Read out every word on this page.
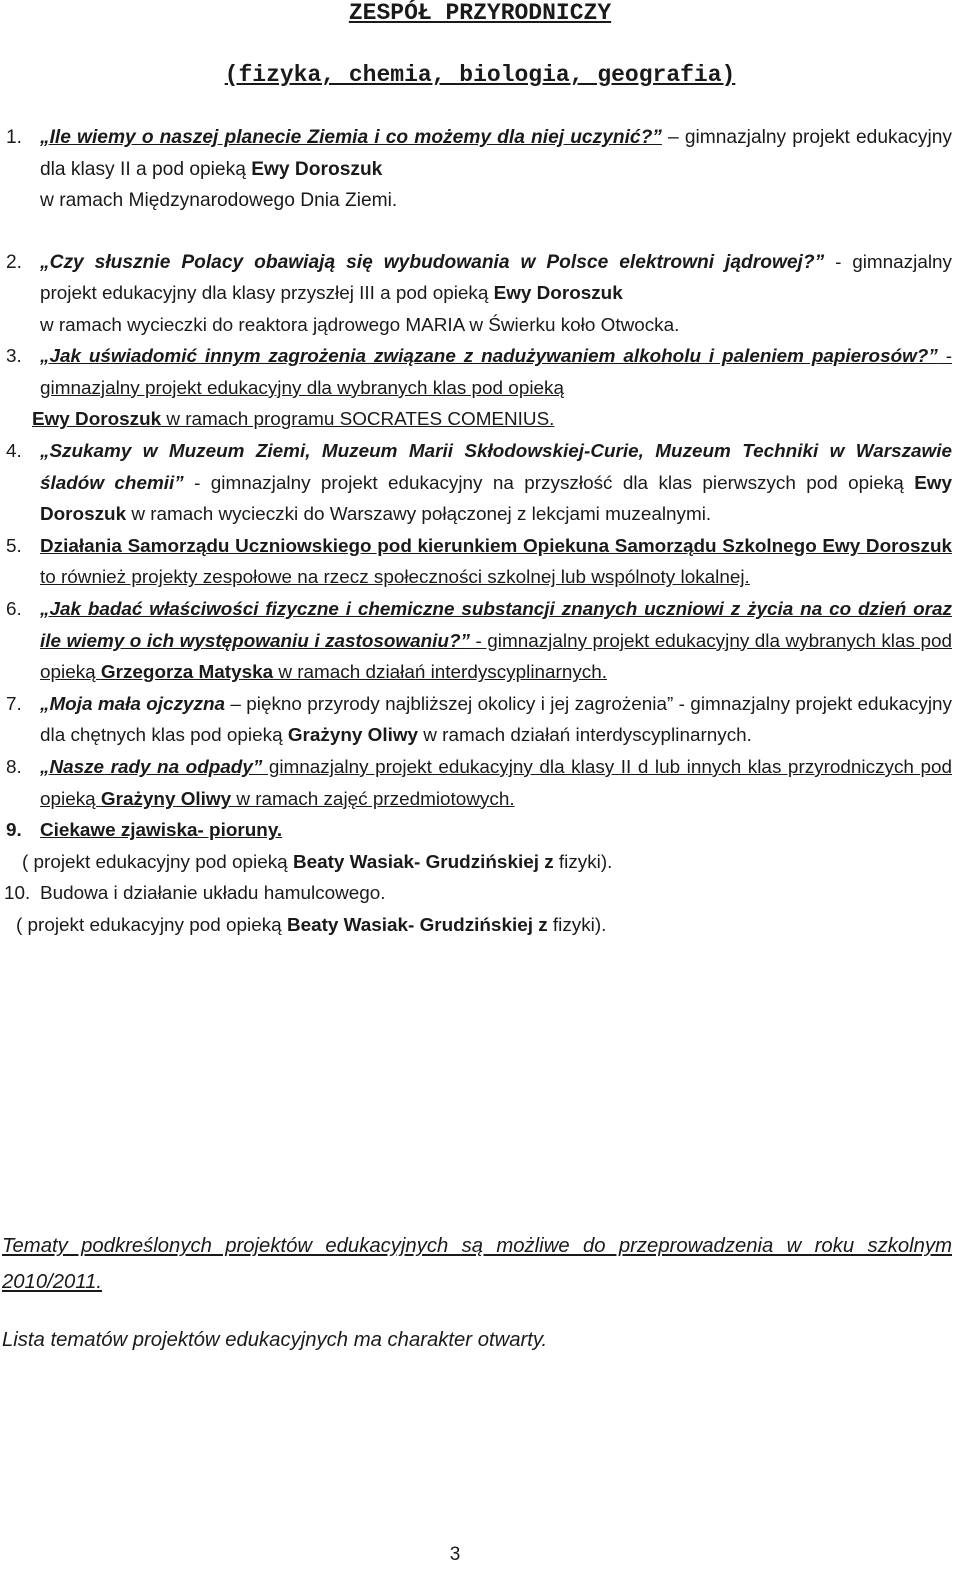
ZESPÓŁ PRZYRODNICZY
(fizyka, chemia, biologia, geografia)
1. „Ile wiemy o naszej planecie Ziemia i co możemy dla niej uczynić?” – gimnazjalny projekt edukacyjny dla klasy II a pod opieką Ewy Doroszuk
w ramach Międzynarodowego Dnia Ziemi.
2. „Czy słusznie Polacy obawiają się wybudowania w Polsce elektrowni jądrowej?” - gimnazjalny projekt edukacyjny dla klasy przyszłej III a pod opieką Ewy Doroszuk
w ramach wycieczki do reaktora jądrowego MARIA w Świerku koło Otwocka.
3. „Jak uświadomić innym zagrożenia związane z nadużywaniem alkoholu i paleniem papierosów?” - gimnazjalny projekt edukacyjny dla wybranych klas pod opieką
Ewy Doroszuk w ramach programu SOCRATES COMENIUS.
4. „Szukamy w Muzeum Ziemi, Muzeum Marii Skłodowskiej-Curie, Muzeum Techniki w Warszawie śladów chemii” - gimnazjalny projekt edukacyjny na przyszłość dla klas pierwszych pod opieką Ewy Doroszuk w ramach wycieczki do Warszawy połączonej z lekcjami muzealnymi.
5. Działania Samorządu Uczniowskiego pod kierunkiem Opiekuna Samorządu Szkolnego Ewy Doroszuk to również projekty zespołowe na rzecz społeczności szkolnej lub wspólnoty lokalnej.
6. „Jak badać właściwości fizyczne i chemiczne substancji znanych uczniowi z życia na co dzień oraz ile wiemy o ich występowaniu i zastosowaniu?” - gimnazjalny projekt edukacyjny dla wybranych klas pod opieką Grzegorza Matyska w ramach działań interdyscyplinarnych.
7. „Moja mała ojczyzna – piękno przyrody najbliższej okolicy i jej zagrożenia” - gimnazjalny projekt edukacyjny dla chętnych klas pod opieką Grażyny Oliwy w ramach działań interdyscyplinarnych.
8. „Nasze rady na odpady” gimnazjalny projekt edukacyjny dla klasy II d lub innych klas przyrodniczych pod opieką Grażyny Oliwy w ramach zajęć przedmiotowych.
9. Ciekawe zjawiska- pioruny.
( projekt edukacyjny pod opieką Beaty Wasiak- Grudzińskiej z fizyki).
10. Budowa i działanie układu hamulcowego.
( projekt edukacyjny pod opieką Beaty Wasiak- Grudzińskiej z fizyki).
Tematy podkreślonych projektów edukacyjnych są możliwe do przeprowadzenia w roku szkolnym 2010/2011.
Lista tematów projektów edukacyjnych ma charakter otwarty.
3
